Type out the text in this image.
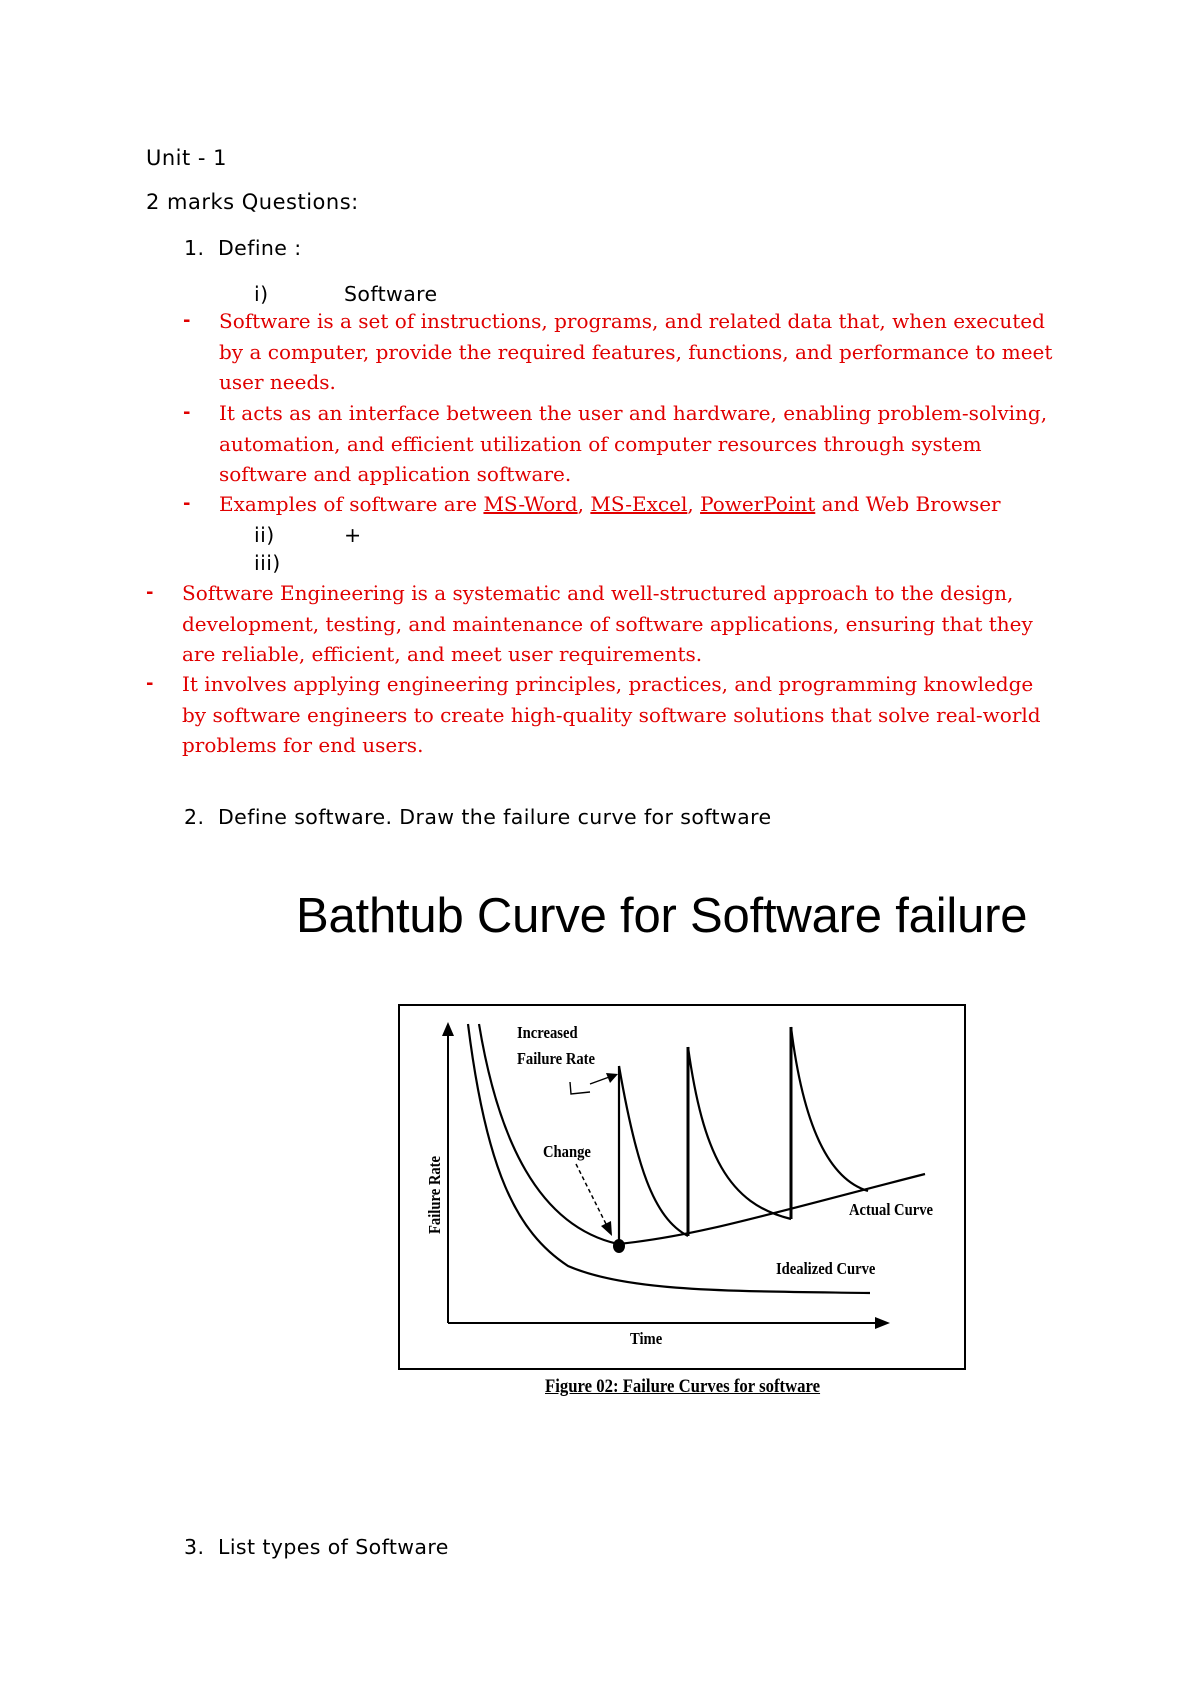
Unit - 1
2 marks Questions:
1. Define :
i)	Software
- Software is a set of instructions, programs, and related data that, when executed by a computer, provide the required features, functions, and performance to meet user needs.
- It acts as an interface between the user and hardware, enabling problem-solving, automation, and efficient utilization of computer resources through system software and application software.
- Examples of software are MS-Word, MS-Excel, PowerPoint and Web Browser
ii)	+
iii)
- Software Engineering is a systematic and well-structured approach to the design, development, testing, and maintenance of software applications, ensuring that they are reliable, efficient, and meet user requirements.
- It involves applying engineering principles, practices, and programming knowledge by software engineers to create high-quality software solutions that solve real-world problems for end users.
2. Define software. Draw the failure curve for software
Bathtub Curve for Software failure
Increased
Failure Rate
Change
Actual Curve
Idealized Curve
Time
Failure Rate
Figure 02: Failure Curves for software
3. List types of Software
